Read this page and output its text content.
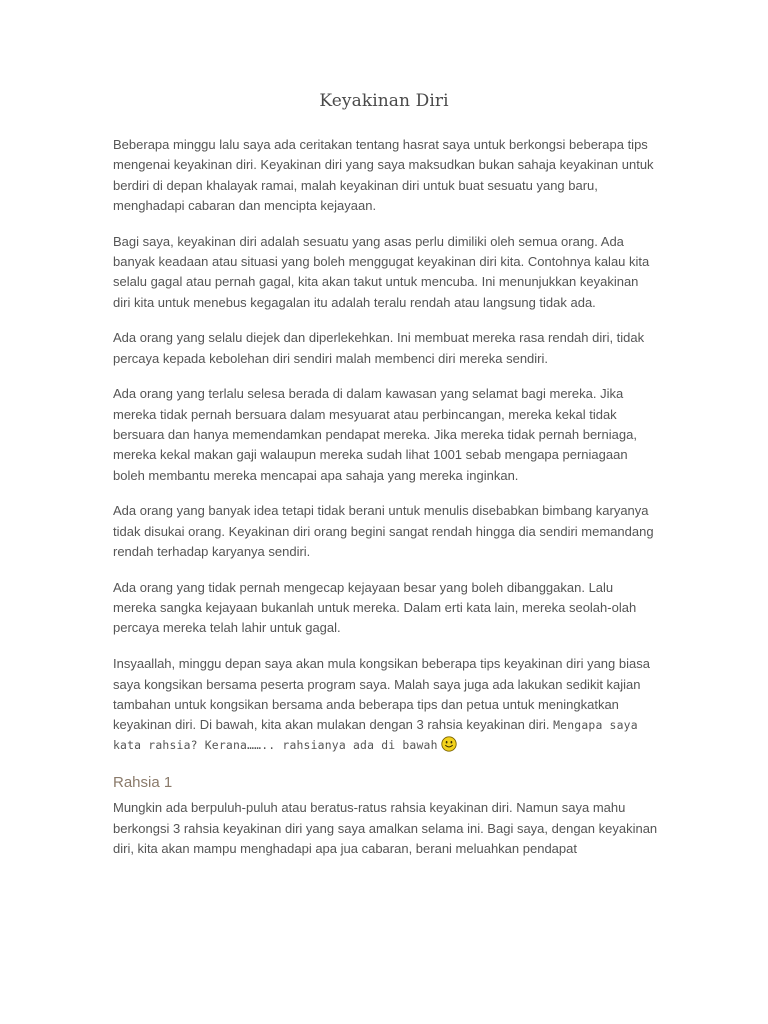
Keyakinan Diri

Beberapa minggu lalu saya ada ceritakan tentang hasrat saya untuk berkongsi beberapa tips mengenai keyakinan diri. Keyakinan diri yang saya maksudkan bukan sahaja keyakinan untuk berdiri di depan khalayak ramai, malah keyakinan diri untuk buat sesuatu yang baru, menghadapi cabaran dan mencipta kejayaan.

Bagi saya, keyakinan diri adalah sesuatu yang asas perlu dimiliki oleh semua orang. Ada banyak keadaan atau situasi yang boleh menggugat keyakinan diri kita. Contohnya kalau kita selalu gagal atau pernah gagal, kita akan takut untuk mencuba. Ini menunjukkan keyakinan diri kita untuk menebus kegagalan itu adalah teralu rendah atau langsung tidak ada.

Ada orang yang selalu diejek dan diperlekehkan. Ini membuat mereka rasa rendah diri, tidak percaya kepada kebolehan diri sendiri malah membenci diri mereka sendiri.

Ada orang yang terlalu selesa berada di dalam kawasan yang selamat bagi mereka. Jika mereka tidak pernah bersuara dalam mesyuarat atau perbincangan, mereka kekal tidak bersuara dan hanya memendamkan pendapat mereka. Jika mereka tidak pernah berniaga, mereka kekal makan gaji walaupun mereka sudah lihat 1001 sebab mengapa perniagaan boleh membantu mereka mencapai apa sahaja yang mereka inginkan.

Ada orang yang banyak idea tetapi tidak berani untuk menulis disebabkan bimbang karyanya tidak disukai orang. Keyakinan diri orang begini sangat rendah hingga dia sendiri memandang rendah terhadap karyanya sendiri.

Ada orang yang tidak pernah mengecap kejayaan besar yang boleh dibanggakan. Lalu mereka sangka kejayaan bukanlah untuk mereka. Dalam erti kata lain, mereka seolah-olah percaya mereka telah lahir untuk gagal.

Insyaallah, minggu depan saya akan mula kongsikan beberapa tips keyakinan diri yang biasa saya kongsikan bersama peserta program saya. Malah saya juga ada lakukan sedikit kajian tambahan untuk kongsikan bersama anda beberapa tips dan petua untuk meningkatkan keyakinan diri. Di bawah, kita akan mulakan dengan 3 rahsia keyakinan diri. Mengapa saya kata rahsia? Kerana…….. rahsianya ada di bawah

Rahsia 1

Mungkin ada berpuluh-puluh atau beratus-ratus rahsia keyakinan diri. Namun saya mahu berkongsi 3 rahsia keyakinan diri yang saya amalkan selama ini. Bagi saya, dengan keyakinan diri, kita akan mampu menghadapi apa jua cabaran, berani meluahkan pendapat
